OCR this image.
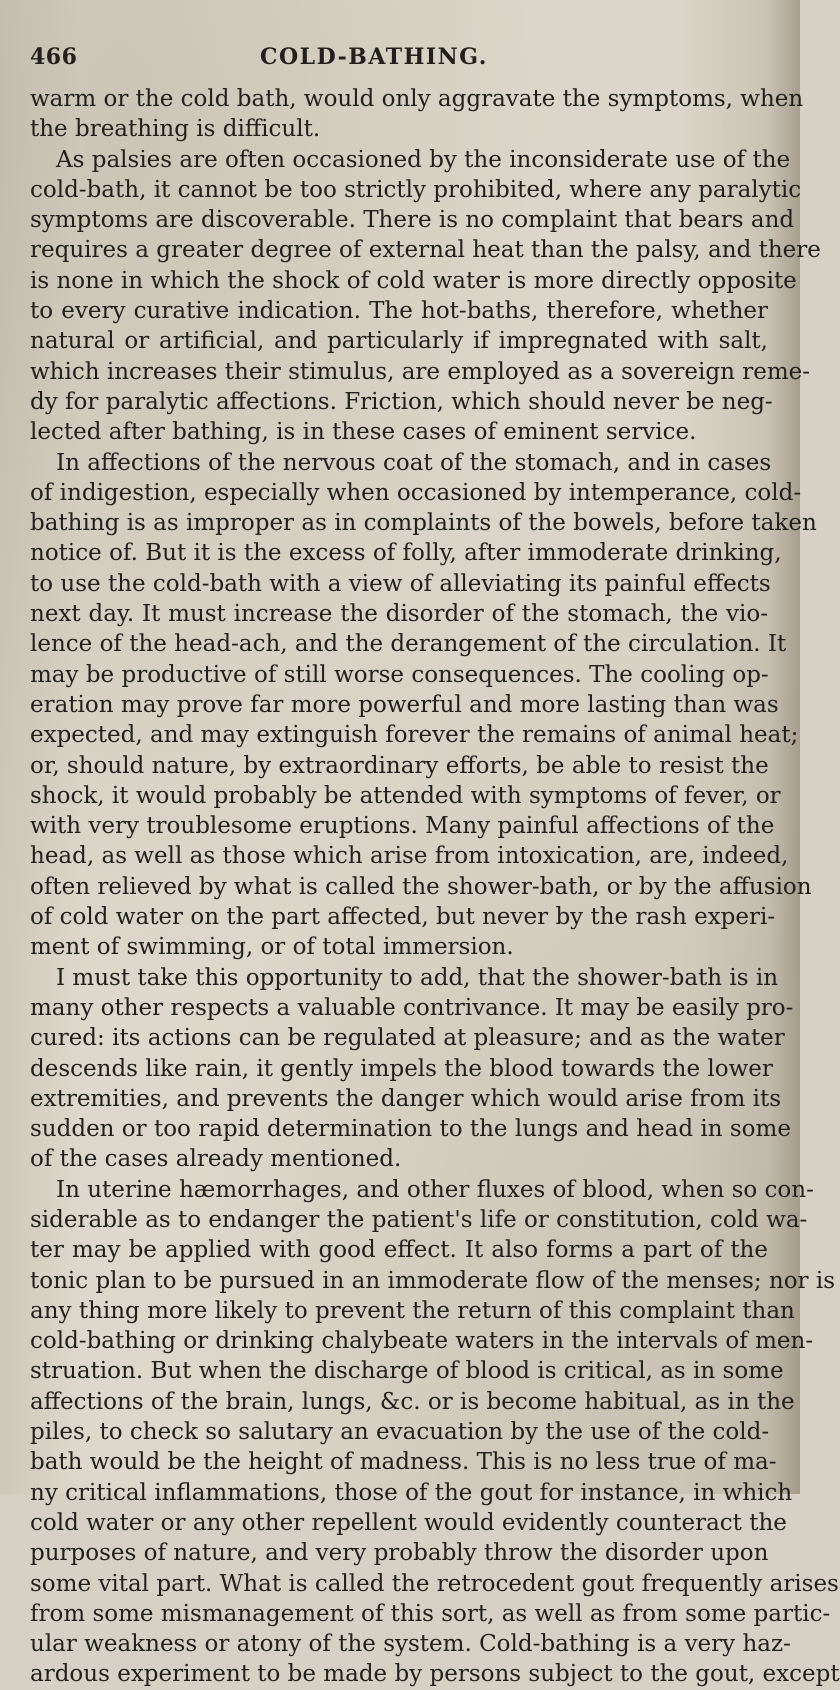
466	COLD-BATHING.
warm or the cold bath, would only aggravate the symptoms, when
the breathing is difficult.
As palsies are often occasioned by the inconsiderate use of the
cold-bath, it cannot be too strictly prohibited, where any paralytic
symptoms are discoverable. There is no complaint that bears and
requires a greater degree of external heat than the palsy, and there
is none in which the shock of cold water is more directly opposite
to every curative indication. The hot-baths, therefore, whether
natural or artificial, and particularly if impregnated with salt,
which increases their stimulus, are employed as a sovereign reme-
dy for paralytic affections. Friction, which should never be neg-
lected after bathing, is in these cases of eminent service.
In affections of the nervous coat of the stomach, and in cases
of indigestion, especially when occasioned by intemperance, cold-
bathing is as improper as in complaints of the bowels, before taken
notice of. But it is the excess of folly, after immoderate drinking,
to use the cold-bath with a view of alleviating its painful effects
next day. It must increase the disorder of the stomach, the vio-
lence of the head-ach, and the derangement of the circulation. It
may be productive of still worse consequences. The cooling op-
eration may prove far more powerful and more lasting than was
expected, and may extinguish forever the remains of animal heat;
or, should nature, by extraordinary efforts, be able to resist the
shock, it would probably be attended with symptoms of fever, or
with very troublesome eruptions. Many painful affections of the
head, as well as those which arise from intoxication, are, indeed,
often relieved by what is called the shower-bath, or by the affusion
of cold water on the part affected, but never by the rash experi-
ment of swimming, or of total immersion.
I must take this opportunity to add, that the shower-bath is in
many other respects a valuable contrivance. It may be easily pro-
cured: its actions can be regulated at pleasure; and as the water
descends like rain, it gently impels the blood towards the lower
extremities, and prevents the danger which would arise from its
sudden or too rapid determination to the lungs and head in some
of the cases already mentioned.
In uterine hæmorrhages, and other fluxes of blood, when so con-
siderable as to endanger the patient's life or constitution, cold wa-
ter may be applied with good effect. It also forms a part of the
tonic plan to be pursued in an immoderate flow of the menses; nor is
any thing more likely to prevent the return of this complaint than
cold-bathing or drinking chalybeate waters in the intervals of men-
struation. But when the discharge of blood is critical, as in some
affections of the brain, lungs, &c. or is become habitual, as in the
piles, to check so salutary an evacuation by the use of the cold-
bath would be the height of madness. This is no less true of ma-
ny critical inflammations, those of the gout for instance, in which
cold water or any other repellent would evidently counteract the
purposes of nature, and very probably throw the disorder upon
some vital part. What is called the retrocedent gout frequently arises
from some mismanagement of this sort, as well as from some partic-
ular weakness or atony of the system. Cold-bathing is a very haz-
ardous experiment to be made by persons subject to the gout, except
